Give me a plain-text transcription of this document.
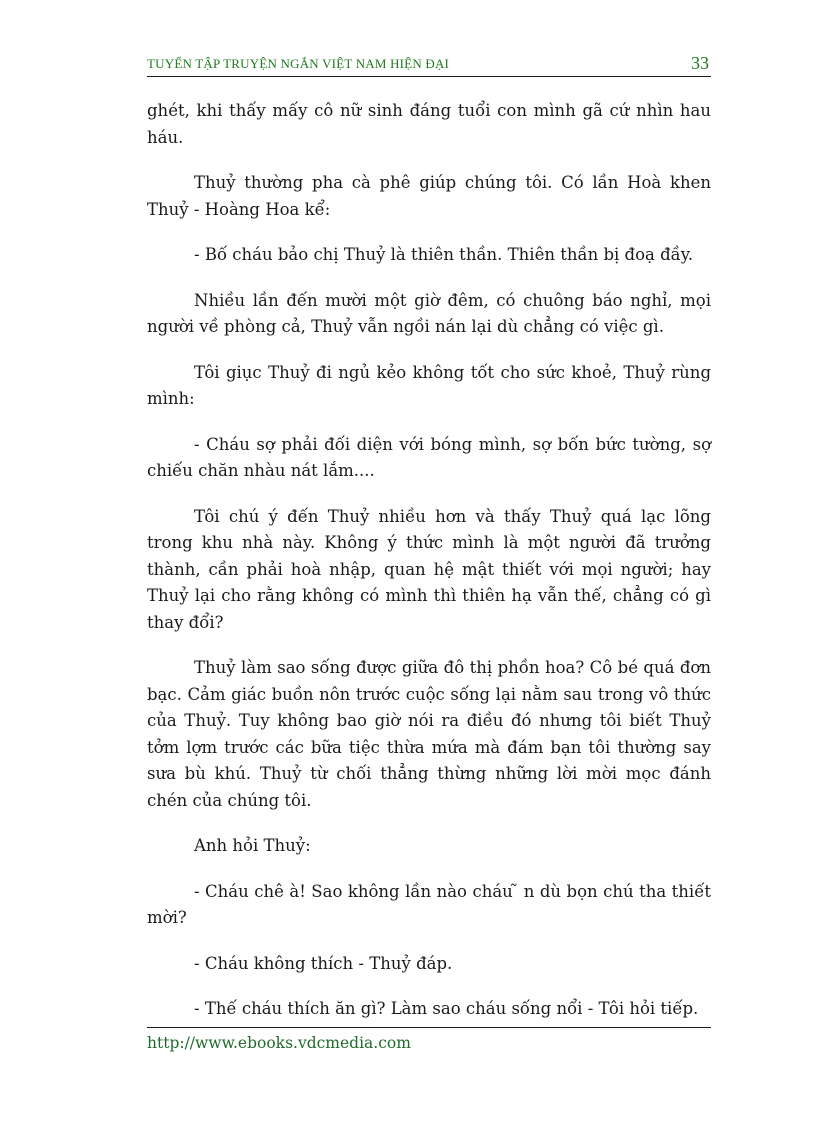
TUYỂN TẬP TRUYỆN NGẮN VIỆT NAM HIỆN ĐẠI	33

ghét, khi thấy mấy cô nữ sinh đáng tuổi con mình gã cứ nhìn hau háu.

Thuỷ thường pha cà phê giúp chúng tôi. Có lần Hoà khen Thuỷ - Hoàng Hoa kể:

- Bố cháu bảo chị Thuỷ là thiên thần. Thiên thần bị đoạ đầy.

Nhiều lần đến mười một giờ đêm, có chuông báo nghỉ, mọi người về phòng cả, Thuỷ vẫn ngồi nán lại dù chẳng có việc gì.

Tôi giục Thuỷ đi ngủ kẻo không tốt cho sức khoẻ, Thuỷ rùng mình:

- Cháu sợ phải đối diện với bóng mình, sợ bốn bức tường, sợ chiếu chăn nhàu nát lắm....

Tôi chú ý đến Thuỷ nhiều hơn và thấy Thuỷ quá lạc lõng trong khu nhà này. Không ý thức mình là một người đã trưởng thành, cần phải hoà nhập, quan hệ mật thiết với mọi người; hay Thuỷ lại cho rằng không có mình thì thiên hạ vẫn thế, chẳng có gì thay đổi?

Thuỷ làm sao sống được giữa đô thị phồn hoa? Cô bé quá đơn bạc. Cảm giác buồn nôn trước cuộc sống lại nằm sau trong vô thức của Thuỷ. Tuy không bao giờ nói ra điều đó nhưng tôi biết Thuỷ tởm lợm trước các bữa tiệc thừa mứa mà đám bạn tôi thường say sưa bù khú. Thuỷ từ chối thẳng thừng những lời mời mọc đánh chén của chúng tôi.

Anh hỏi Thuỷ:

- Cháu chê à! Sao không lần nào cháu ̃ n dù bọn chú tha thiết mời?

- Cháu không thích - Thuỷ đáp.

- Thế cháu thích ăn gì? Làm sao cháu sống nổi - Tôi hỏi tiếp.

http://www.ebooks.vdcmedia.com
